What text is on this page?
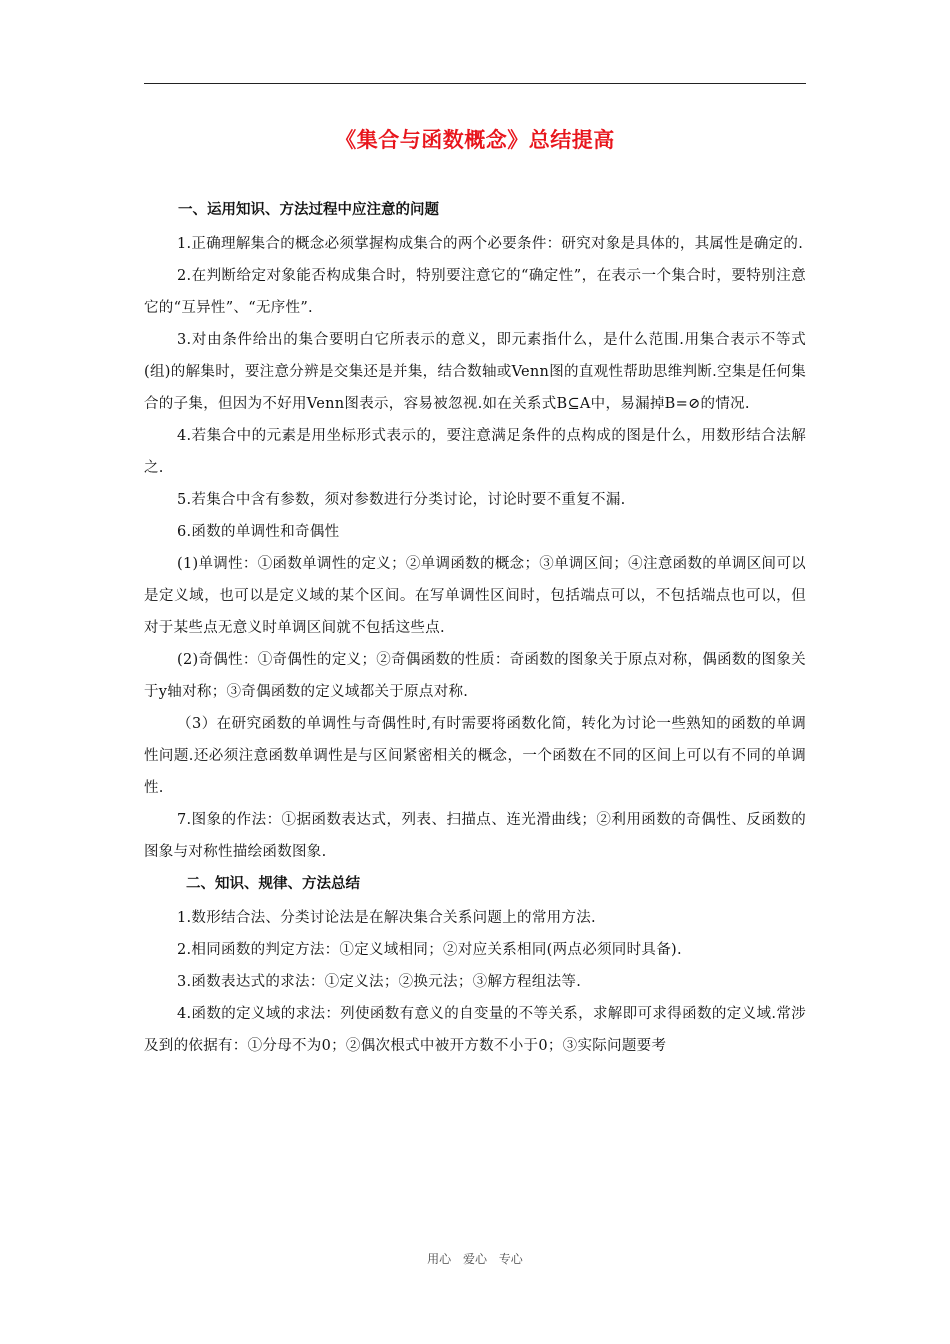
《集合与函数概念》总结提高
一、运用知识、方法过程中应注意的问题

1.正确理解集合的概念必须掌握构成集合的两个必要条件：研究对象是具体的，其属性是确定的.

2.在判断给定对象能否构成集合时，特别要注意它的“确定性”，在表示一个集合时，要特别注意它的“互异性”、“无序性”.

3.对由条件给出的集合要明白它所表示的意义，即元素指什么，是什么范围.用集合表示不等式(组)的解集时，要注意分辨是交集还是并集，结合数轴或Venn图的直观性帮助思维判断.空集是任何集合的子集，但因为不好用Venn图表示，容易被忽视.如在关系式B⊆A中，易漏掉B=⊘的情况.

4.若集合中的元素是用坐标形式表示的，要注意满足条件的点构成的图是什么，用数形结合法解之.

5.若集合中含有参数，须对参数进行分类讨论，讨论时要不重复不漏.

6.函数的单调性和奇偶性

(1)单调性：①函数单调性的定义；②单调函数的概念；③单调区间；④注意函数的单调区间可以是定义域，也可以是定义域的某个区间。在写单调性区间时，包括端点可以，不包括端点也可以，但对于某些点无意义时单调区间就不包括这些点.

(2)奇偶性：①奇偶性的定义；②奇偶函数的性质：奇函数的图象关于原点对称，偶函数的图象关于y轴对称；③奇偶函数的定义域都关于原点对称.

（3）在研究函数的单调性与奇偶性时,有时需要将函数化简，转化为讨论一些熟知的函数的单调性问题.还必须注意函数单调性是与区间紧密相关的概念，一个函数在不同的区间上可以有不同的单调性.

7.图象的作法：①据函数表达式，列表、扫描点、连光滑曲线；②利用函数的奇偶性、反函数的图象与对称性描绘函数图象.

二、知识、规律、方法总结

1.数形结合法、分类讨论法是在解决集合关系问题上的常用方法.

2.相同函数的判定方法：①定义域相同；②对应关系相同(两点必须同时具备).

3.函数表达式的求法：①定义法；②换元法；③解方程组法等.

4.函数的定义域的求法：列使函数有意义的自变量的不等关系，求解即可求得函数的定义域.常涉及到的依据有：①分母不为0；②偶次根式中被开方数不小于0；③实际问题要考

用心 爱心 专心
